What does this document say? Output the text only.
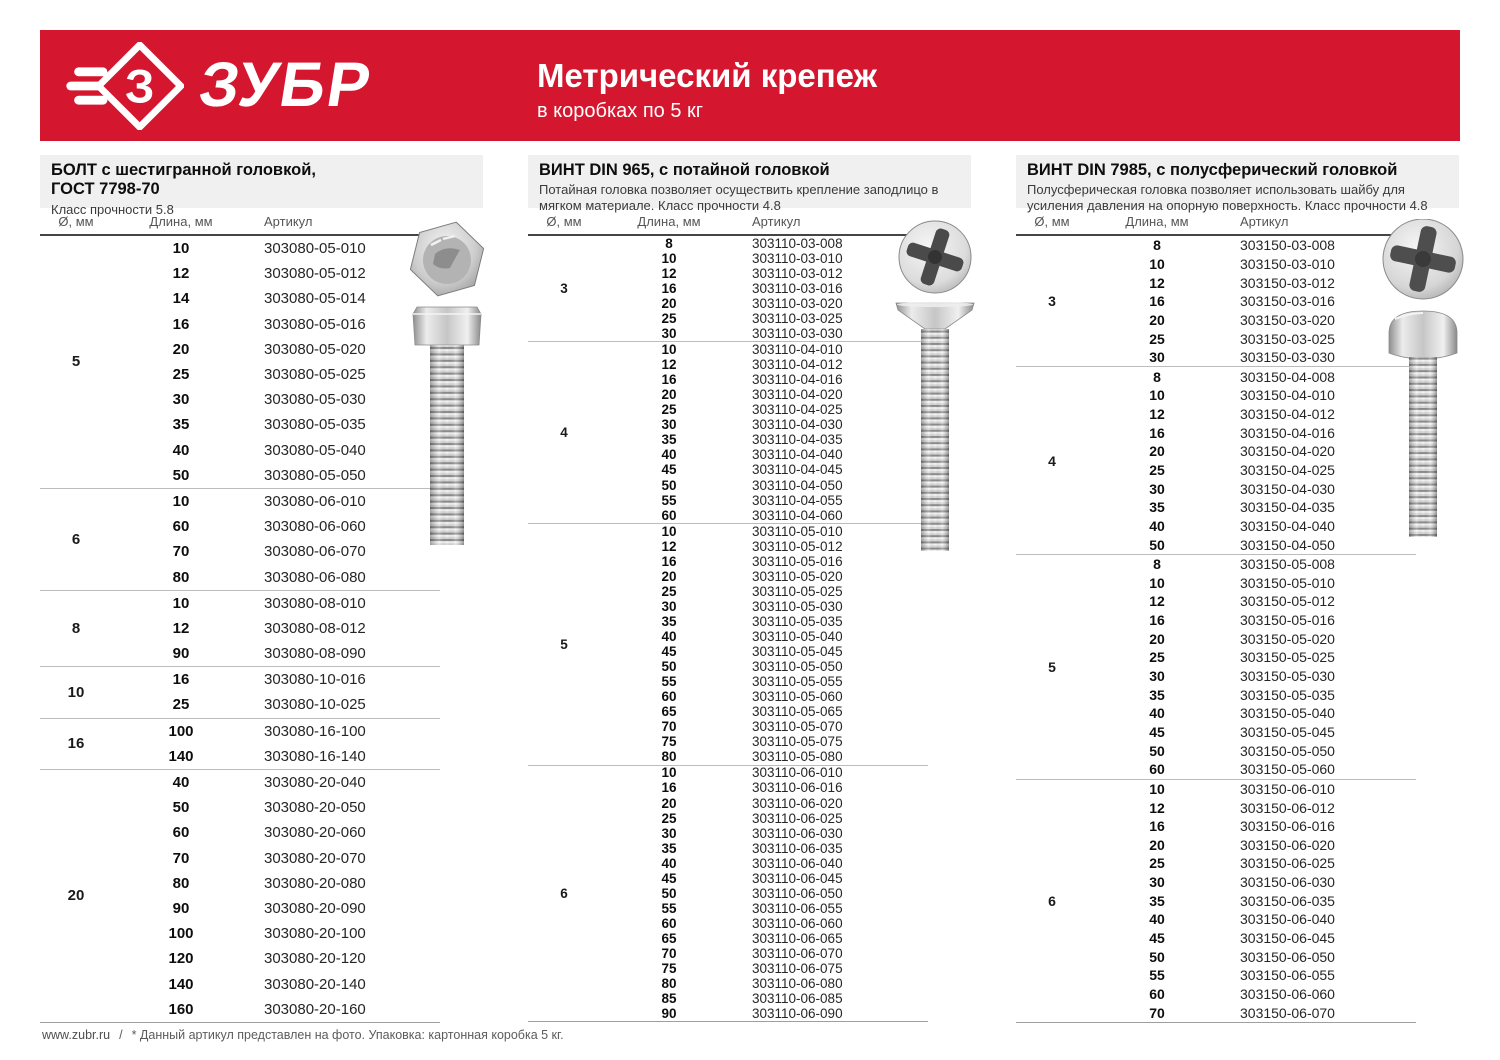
З ЗУБР	Метрический крепеж
в коробках по 5 кг
БОЛТ с шестигранной головкой,
ГОСТ 7798-70
Класс прочности 5.8
Ø, мм	Длина, мм	Артикул
5
10	303080-05-010
12	303080-05-012
14	303080-05-014
16	303080-05-016
20	303080-05-020
25	303080-05-025
30	303080-05-030
35	303080-05-035
40	303080-05-040
50	303080-05-050
6
10	303080-06-010
60	303080-06-060
70	303080-06-070
80	303080-06-080
8
10	303080-08-010
12	303080-08-012
90	303080-08-090
10
16	303080-10-016
25	303080-10-025
16
100	303080-16-100
140	303080-16-140
20
40	303080-20-040
50	303080-20-050
60	303080-20-060
70	303080-20-070
80	303080-20-080
90	303080-20-090
100	303080-20-100
120	303080-20-120
140	303080-20-140
160	303080-20-160
ВИНТ DIN 965, с потайной головкой
Потайная головка позволяет осуществить крепление заподлицо в мягком материале. Класс прочности 4.8
Ø, мм	Длина, мм	Артикул
3
8	303110-03-008
10	303110-03-010
12	303110-03-012
16	303110-03-016
20	303110-03-020
25	303110-03-025
30	303110-03-030
4
10	303110-04-010
12	303110-04-012
16	303110-04-016
20	303110-04-020
25	303110-04-025
30	303110-04-030
35	303110-04-035
40	303110-04-040
45	303110-04-045
50	303110-04-050
55	303110-04-055
60	303110-04-060
5
10	303110-05-010
12	303110-05-012
16	303110-05-016
20	303110-05-020
25	303110-05-025
30	303110-05-030
35	303110-05-035
40	303110-05-040
45	303110-05-045
50	303110-05-050
55	303110-05-055
60	303110-05-060
65	303110-05-065
70	303110-05-070
75	303110-05-075
80	303110-05-080
6
10	303110-06-010
16	303110-06-016
20	303110-06-020
25	303110-06-025
30	303110-06-030
35	303110-06-035
40	303110-06-040
45	303110-06-045
50	303110-06-050
55	303110-06-055
60	303110-06-060
65	303110-06-065
70	303110-06-070
75	303110-06-075
80	303110-06-080
85	303110-06-085
90	303110-06-090
ВИНТ DIN 7985, с полусферический головкой
Полусферическая головка позволяет использовать шайбу для усиления давления на опорную поверхность. Класс прочности 4.8
Ø, мм	Длина, мм	Артикул
3
8	303150-03-008
10	303150-03-010
12	303150-03-012
16	303150-03-016
20	303150-03-020
25	303150-03-025
30	303150-03-030
4
8	303150-04-008
10	303150-04-010
12	303150-04-012
16	303150-04-016
20	303150-04-020
25	303150-04-025
30	303150-04-030
35	303150-04-035
40	303150-04-040
50	303150-04-050
5
8	303150-05-008
10	303150-05-010
12	303150-05-012
16	303150-05-016
20	303150-05-020
25	303150-05-025
30	303150-05-030
35	303150-05-035
40	303150-05-040
45	303150-05-045
50	303150-05-050
60	303150-05-060
6
10	303150-06-010
12	303150-06-012
16	303150-06-016
20	303150-06-020
25	303150-06-025
30	303150-06-030
35	303150-06-035
40	303150-06-040
45	303150-06-045
50	303150-06-050
55	303150-06-055
60	303150-06-060
70	303150-06-070
www.zubr.ru / * Данный артикул представлен на фото. Упаковка: картонная коробка 5 кг.
